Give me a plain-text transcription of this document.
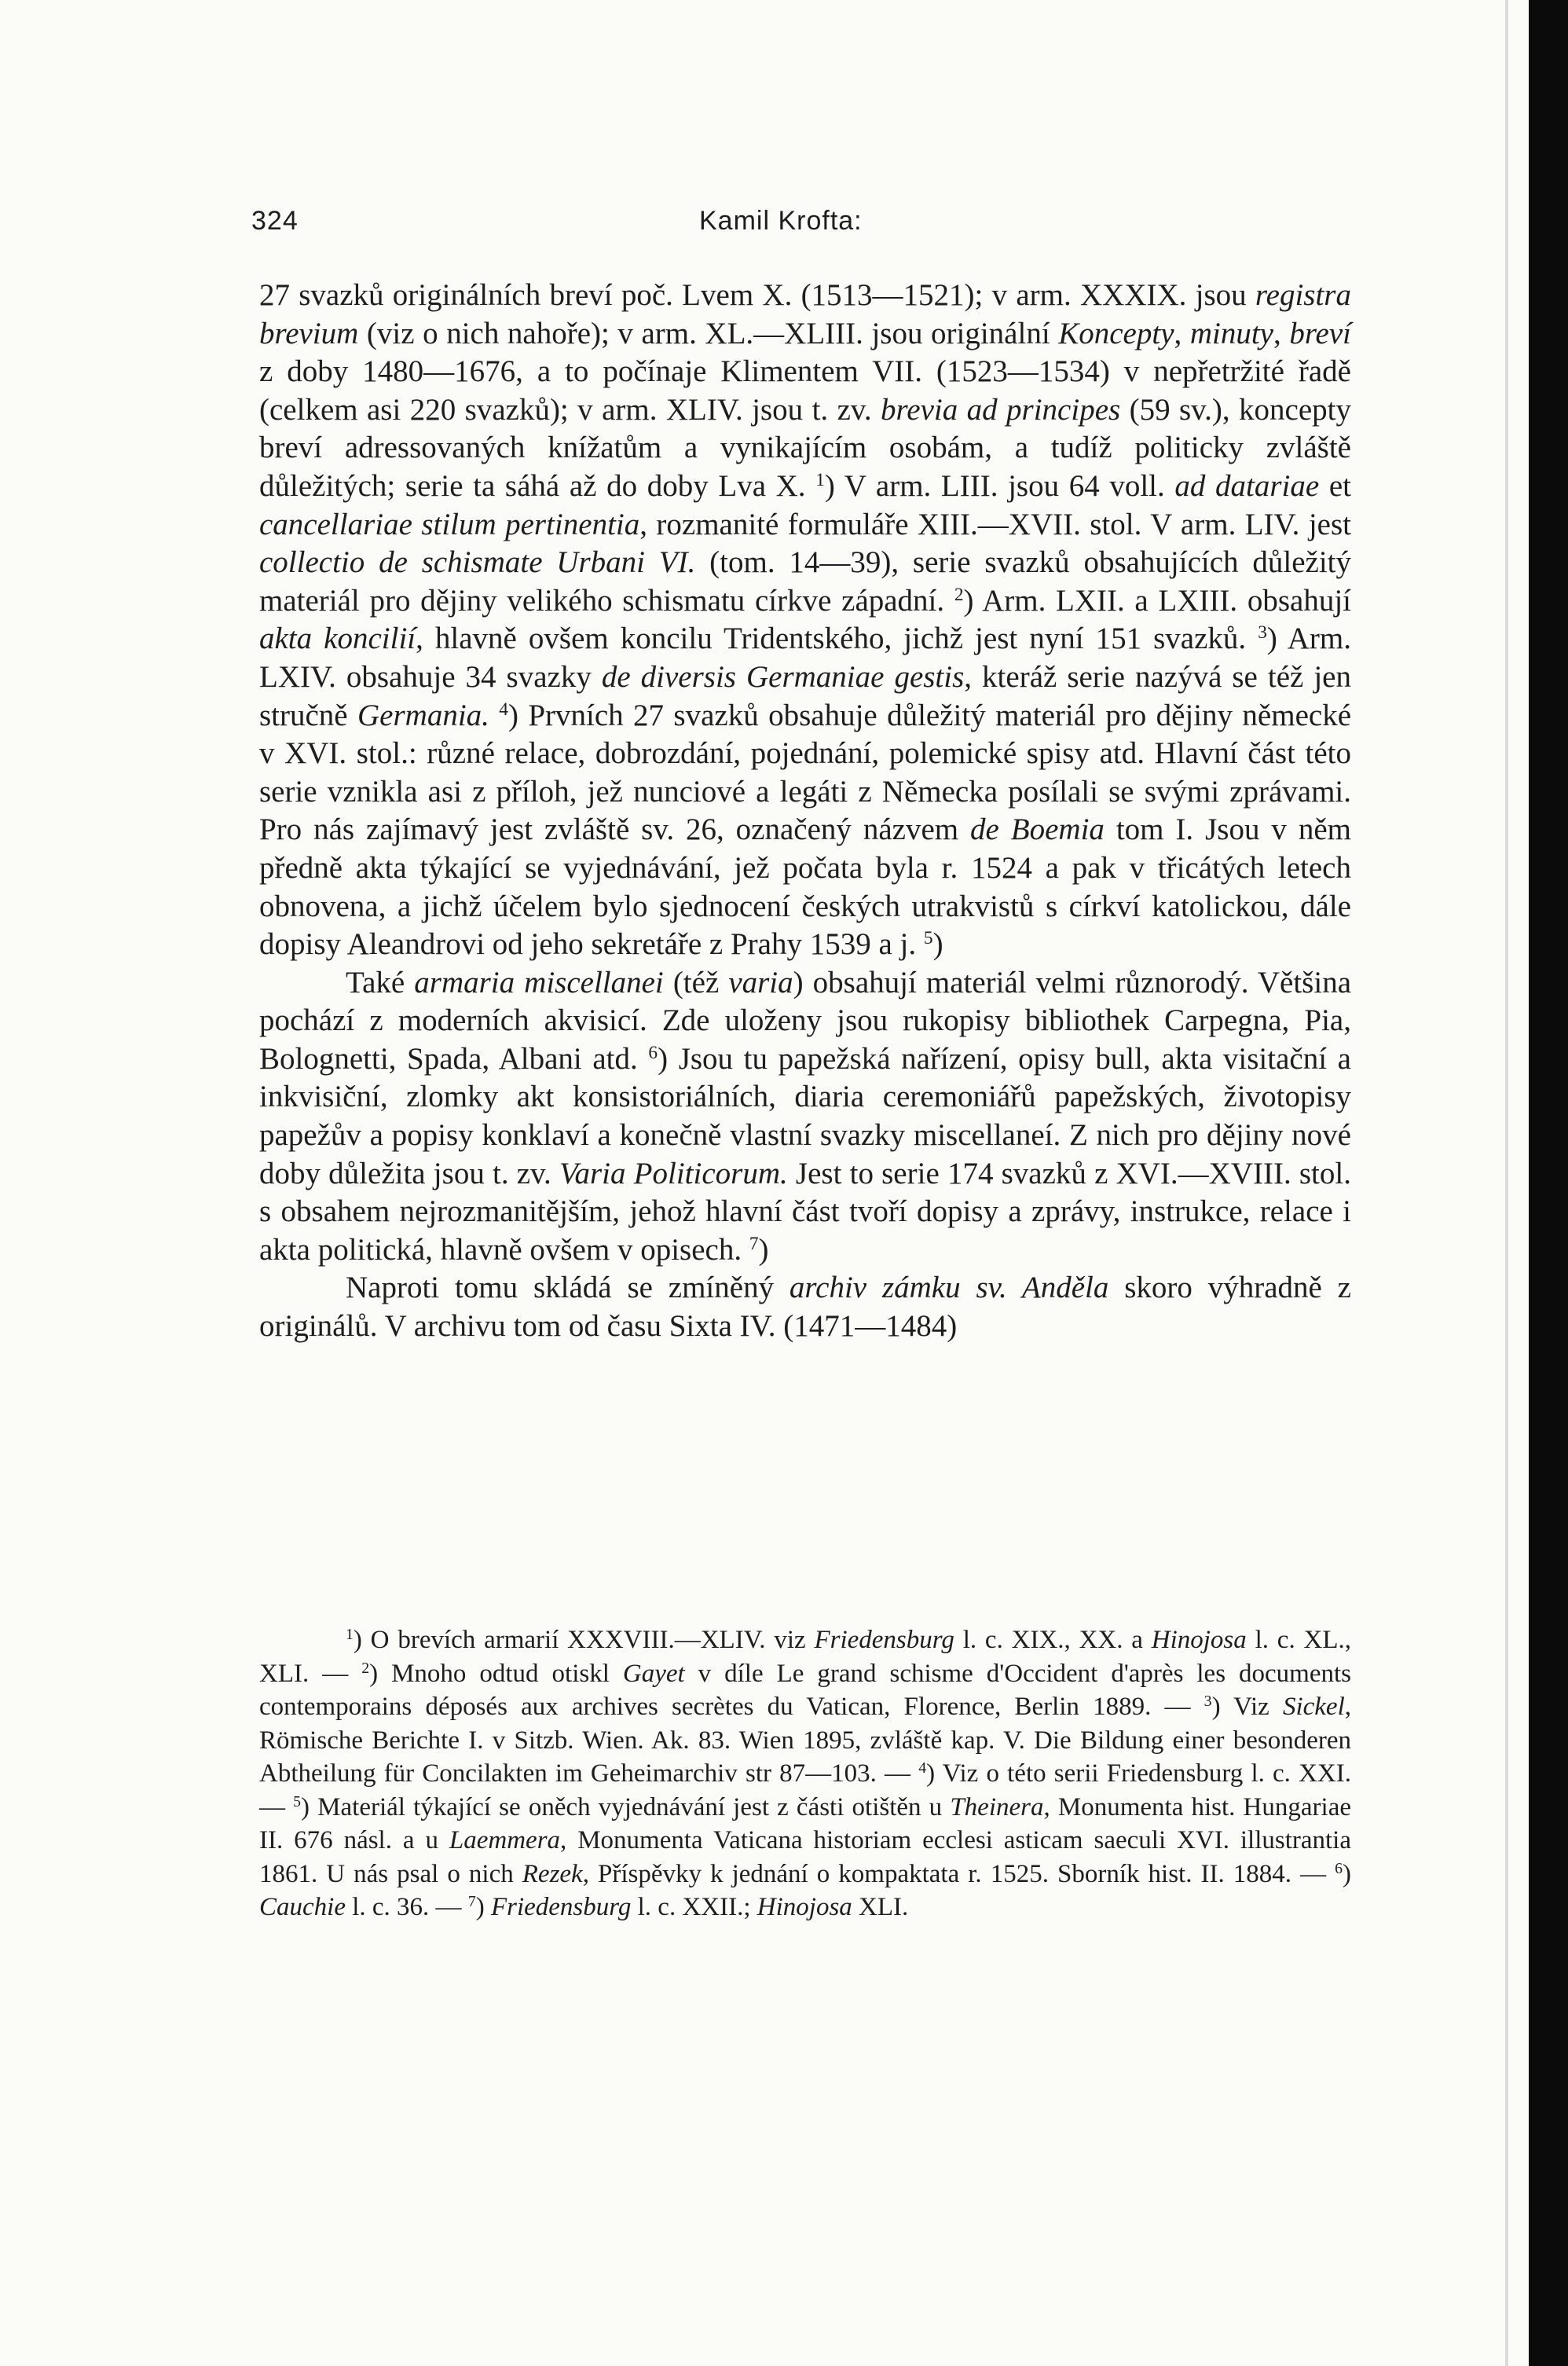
324	Kamil Krofta:

27 svazků originálních breví poč. Lvem X. (1513—1521); v arm. XXXIX. jsou registra brevium (viz o nich nahoře); v arm. XL.—XLIII. jsou originální Koncepty, minuty, breví z doby 1480—1676, a to počínaje Klimentem VII. (1523—1534) v nepřetržité řadě (celkem asi 220 svazků); v arm. XLIV. jsou t. zv. brevia ad principes (59 sv.), koncepty breví adressovaných knížatům a vynikajícím osobám, a tudíž politicky zvláště důležitých; serie ta sáhá až do doby Lva X. $^1$) V arm. LIII. jsou 64 voll. ad datariae et cancellariae stilum pertinentia, rozmanité formuláře XIII.—XVII. stol. V arm. LIV. jest collectio de schismate Urbani VI. (tom. 14—39), serie svazků obsahujících důležitý materiál pro dějiny velikého schismatu církve západní. $^2$) Arm. LXII. a LXIII. obsahují akta koncilií, hlavně ovšem koncilu Tridentského, jichž jest nyní 151 svazků. $^3$) Arm. LXIV. obsahuje 34 svazky de diversis Germaniae gestis, kteráž serie nazývá se též jen stručně Germania. $^4$) Prvních 27 svazků obsahuje důležitý materiál pro dějiny německé v XVI. stol.: různé relace, dobrozdání, pojednání, polemické spisy atd. Hlavní část této serie vznikla asi z příloh, jež nunciové a legáti z Německa posílali se svými zprávami. Pro nás zajímavý jest zvláště sv. 26, označený názvem de Boemia tom I. Jsou v něm předně akta týkající se vyjednávání, jež počata byla r. 1524 a pak v třicátých letech obnovena, a jichž účelem bylo sjednocení českých utrakvistů s církví katolickou, dále dopisy Aleandrovi od jeho sekretáře z Prahy 1539 a j. $^5$)

Také armaria miscellanei (též varia) obsahují materiál velmi různorodý. Většina pochází z moderních akvisicí. Zde uloženy jsou rukopisy bibliothek Carpegna, Pia, Bolognetti, Spada, Albani atd. $^6$) Jsou tu papežská nařízení, opisy bull, akta visitační a inkvisiční, zlomky akt konsistoriálních, diaria ceremoniářů papežských, životopisy papežův a popisy konklaví a konečně vlastní svazky miscellaneí. Z nich pro dějiny nové doby důležita jsou t. zv. Varia Politicorum. Jest to serie 174 svazků z XVI.—XVIII. stol. s obsahem nejrozmanitějším, jehož hlavní část tvoří dopisy a zprávy, instrukce, relace i akta politická, hlavně ovšem v opisech. $^7$)

Naproti tomu skládá se zmíněný archiv zámku sv. Anděla skoro výhradně z originálů. V archivu tom od času Sixta IV. (1471—1484)

$^1$) O brevích armarií XXXVIII.—XLIV. viz Friedensburg l. c. XIX., XX. a Hinojosa l. c. XL., XLI. — $^2$) Mnoho odtud otiskl Gayet v díle Le grand schisme d'Occident d'après les documents contemporains déposés aux archives secrètes du Vatican, Florence, Berlin 1889. — $^3$) Viz Sickel, Römische Berichte I. v Sitzb. Wien. Ak. 83. Wien 1895, zvláště kap. V. Die Bildung einer besonderen Abtheilung für Concilakten im Geheimarchiv str 87—103. — $^4$) Viz o této serii Friedensburg l. c. XXI. — $^5$) Materiál týkající se oněch vyjednávání jest z části otištěn u Theinera, Monumenta hist. Hungariae II. 676 násl. a u Laemmera, Monumenta Vaticana historiam ecclesi asticam saeculi XVI. illustrantia 1861. U nás psal o nich Rezek, Příspěvky k jednání o kompaktata r. 1525. Sborník hist. II. 1884. — $^6$) Cauchie l. c. 36. — $^7$) Friedensburg l. c. XXII.; Hinojosa XLI.
